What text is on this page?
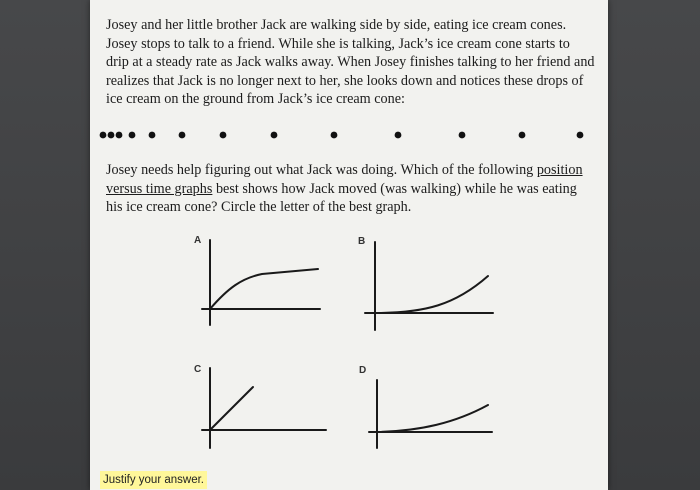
Josey and her little brother Jack are walking side by side, eating ice cream cones. Josey stops to talk to a friend. While she is talking, Jack’s ice cream cone starts to drip at a steady rate as Jack walks away. When Josey finishes talking to her friend and realizes that Jack is no longer next to her, she looks down and notices these drops of ice cream on the ground from Jack’s ice cream cone:

Josey needs help figuring out what Jack was doing. Which of the following position versus time graphs best shows how Jack moved (was walking) while he was eating his ice cream cone? Circle the letter of the best graph.

A	B
C	D
Justify your answer.
